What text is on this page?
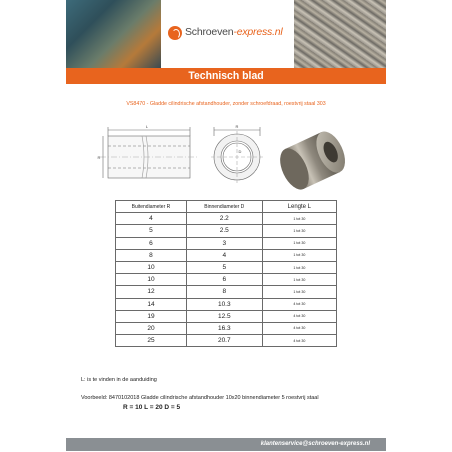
Schroeven-express.nl
Technisch blad
VS8470 - Gladde cilindrische afstandhouder, zonder schroefdraad, roestvrij staal 303
L
R
R
D
Buitendiameter R	Binnendiameter D	Lengte L
4	2.2	1 tot 30
5	2.5	1 tot 30
6	3	1 tot 30
8	4	1 tot 30
10	5	1 tot 30
10	6	1 tot 30
12	8	1 tot 30
14	10.3	4 tot 30
19	12.5	4 tot 30
20	16.3	4 tot 30
25	20.7	4 tot 30
L: is te vinden in de aanduiding
Voorbeeld: 8470102018 Gladde cilindrische afstandhouder 10x20 binnendiameter 5 roestvrij staal
R = 10 L = 20 D = 5
klantenservice@schroeven-express.nl
